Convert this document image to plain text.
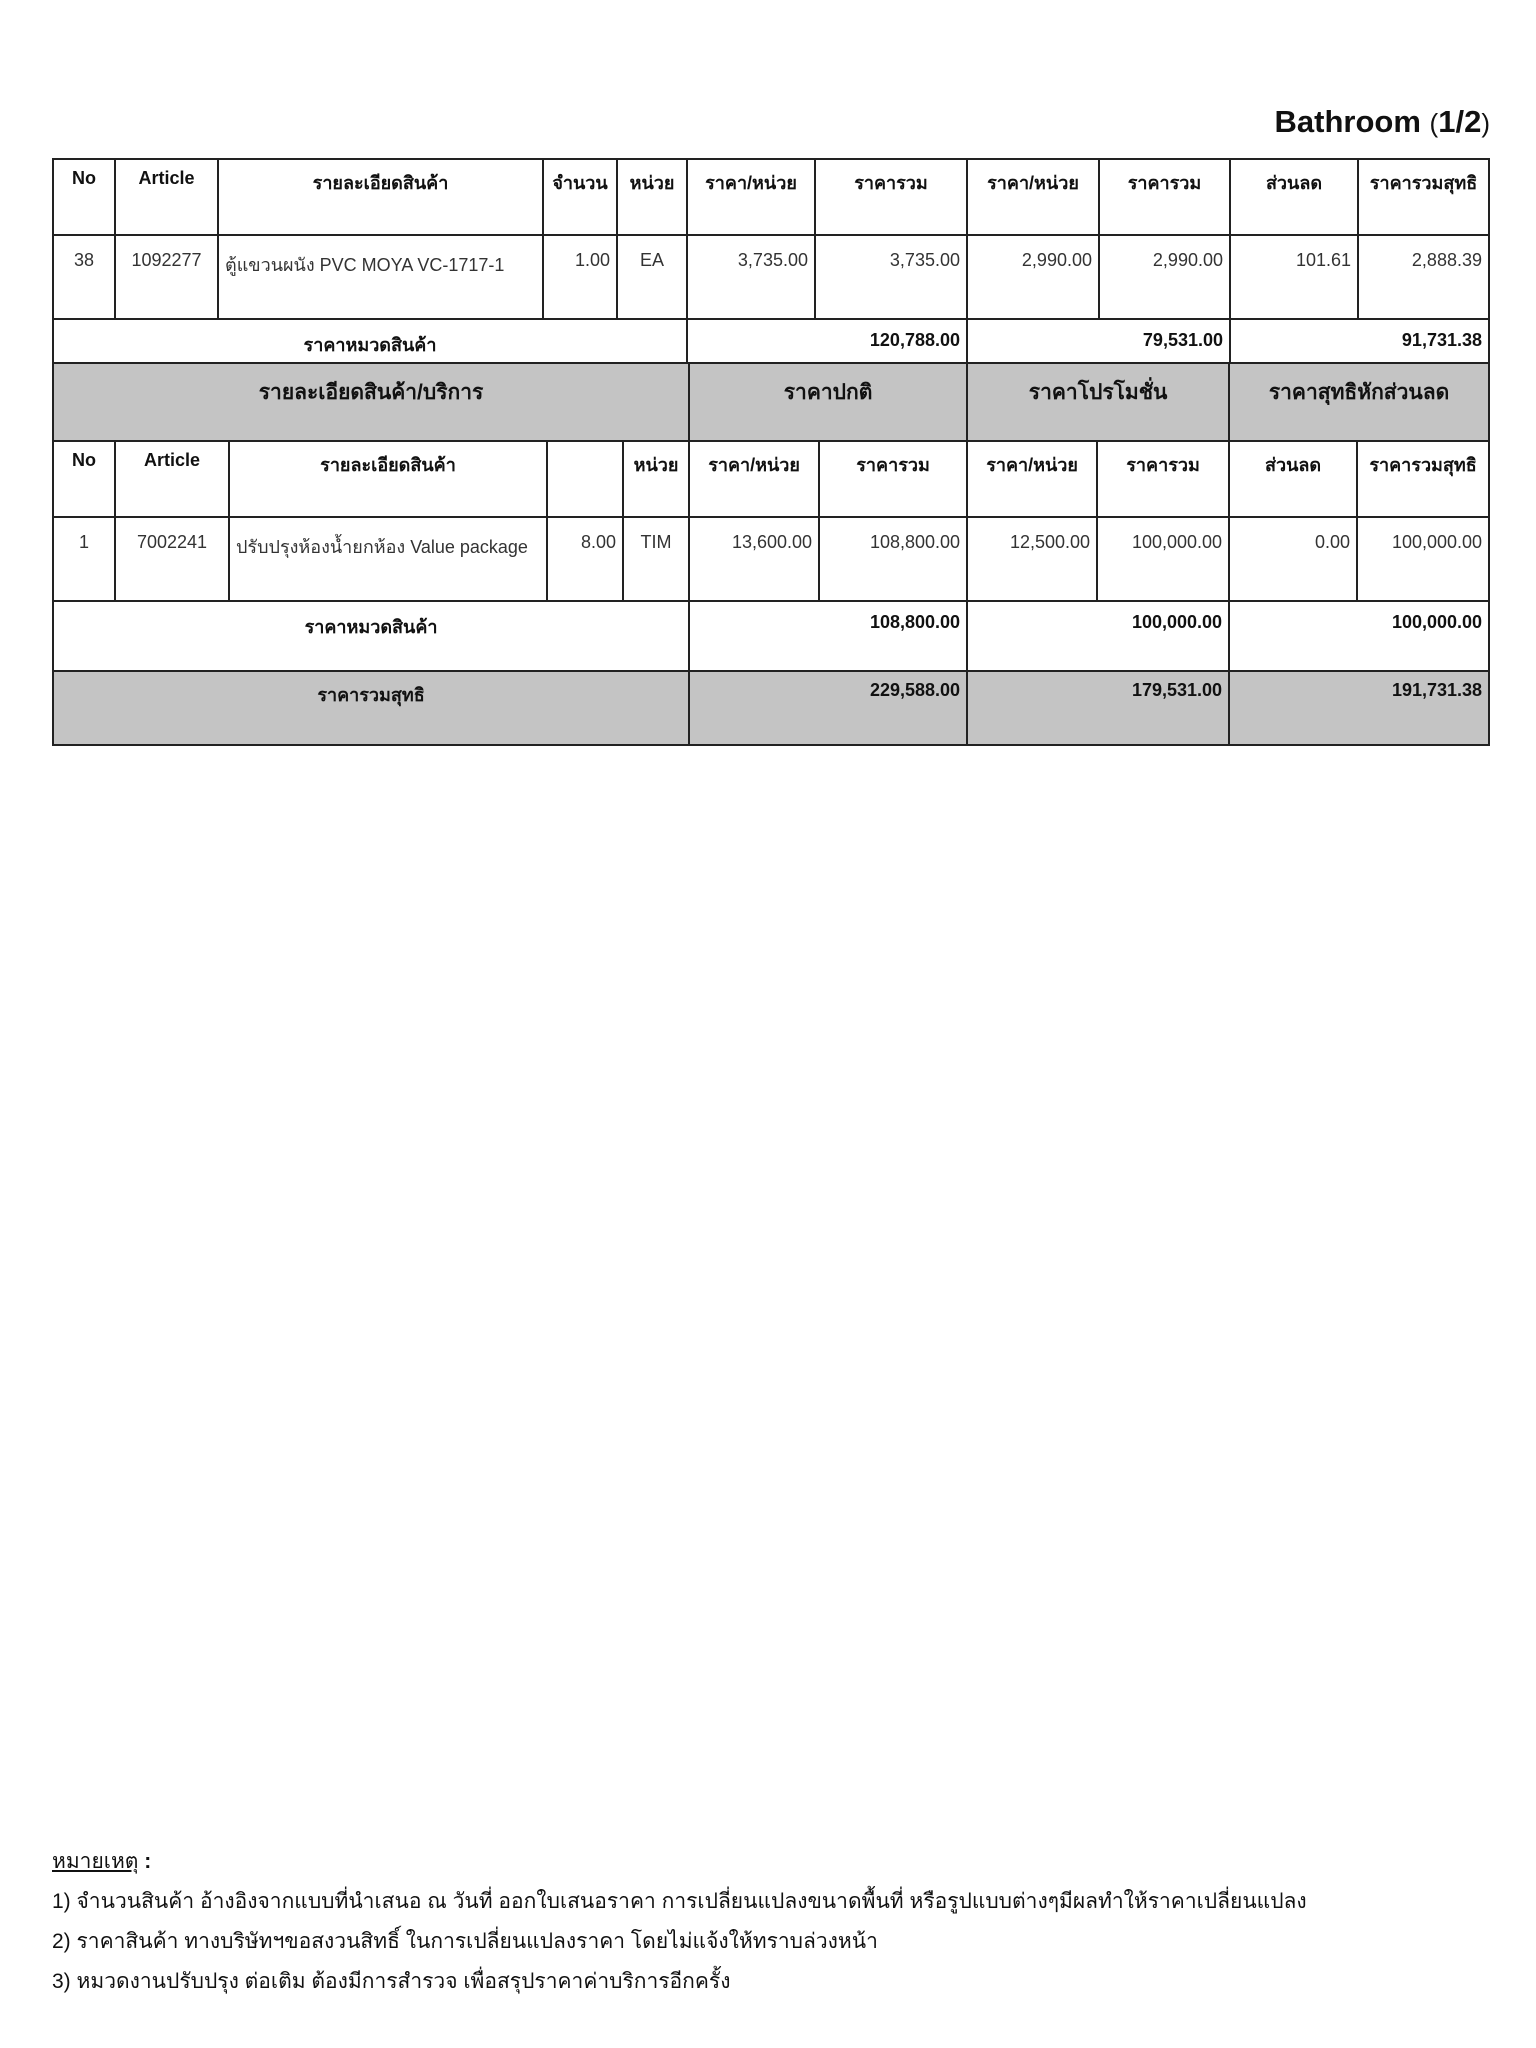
Bathroom (1/2)
No	Article	รายละเอียดสินค้า	จำนวน	หน่วย	ราคา/หน่วย	ราคารวม	ราคา/หน่วย	ราคารวม	ส่วนลด	ราคารวมสุทธิ
38	1092277	ตู้แขวนผนัง PVC MOYA VC-1717-1	1.00	EA	3,735.00	3,735.00	2,990.00	2,990.00	101.61	2,888.39
ราคาหมวดสินค้า					120,788.00		79,531.00		91,731.38	
รายละเอียดสินค้า/บริการ					ราคาปกติ		ราคาโปรโมชั่น		ราคาสุทธิหักส่วนลด	
No	Article	รายละเอียดสินค้า		หน่วย	ราคา/หน่วย	ราคารวม	ราคา/หน่วย	ราคารวม	ส่วนลด	ราคารวมสุทธิ
1	7002241	ปรับปรุงห้องน้ำยกห้อง Value package	8.00	TIM	13,600.00	108,800.00	12,500.00	100,000.00	0.00	100,000.00
ราคาหมวดสินค้า					108,800.00		100,000.00		100,000.00	
ราคารวมสุทธิ					229,588.00		179,531.00		191,731.38	
หมายเหตุ :
1) จำนวนสินค้า อ้างอิงจากแบบที่นำเสนอ ณ วันที่ ออกใบเสนอราคา การเปลี่ยนแปลงขนาดพื้นที่ หรือรูปแบบต่างๆมีผลทำให้ราคาเปลี่ยนแปลง
2) ราคาสินค้า ทางบริษัทฯขอสงวนสิทธิ์ ในการเปลี่ยนแปลงราคา โดยไม่แจ้งให้ทราบล่วงหน้า
3) หมวดงานปรับปรุง ต่อเติม ต้องมีการสำรวจ เพื่อสรุปราคาค่าบริการอีกครั้ง
